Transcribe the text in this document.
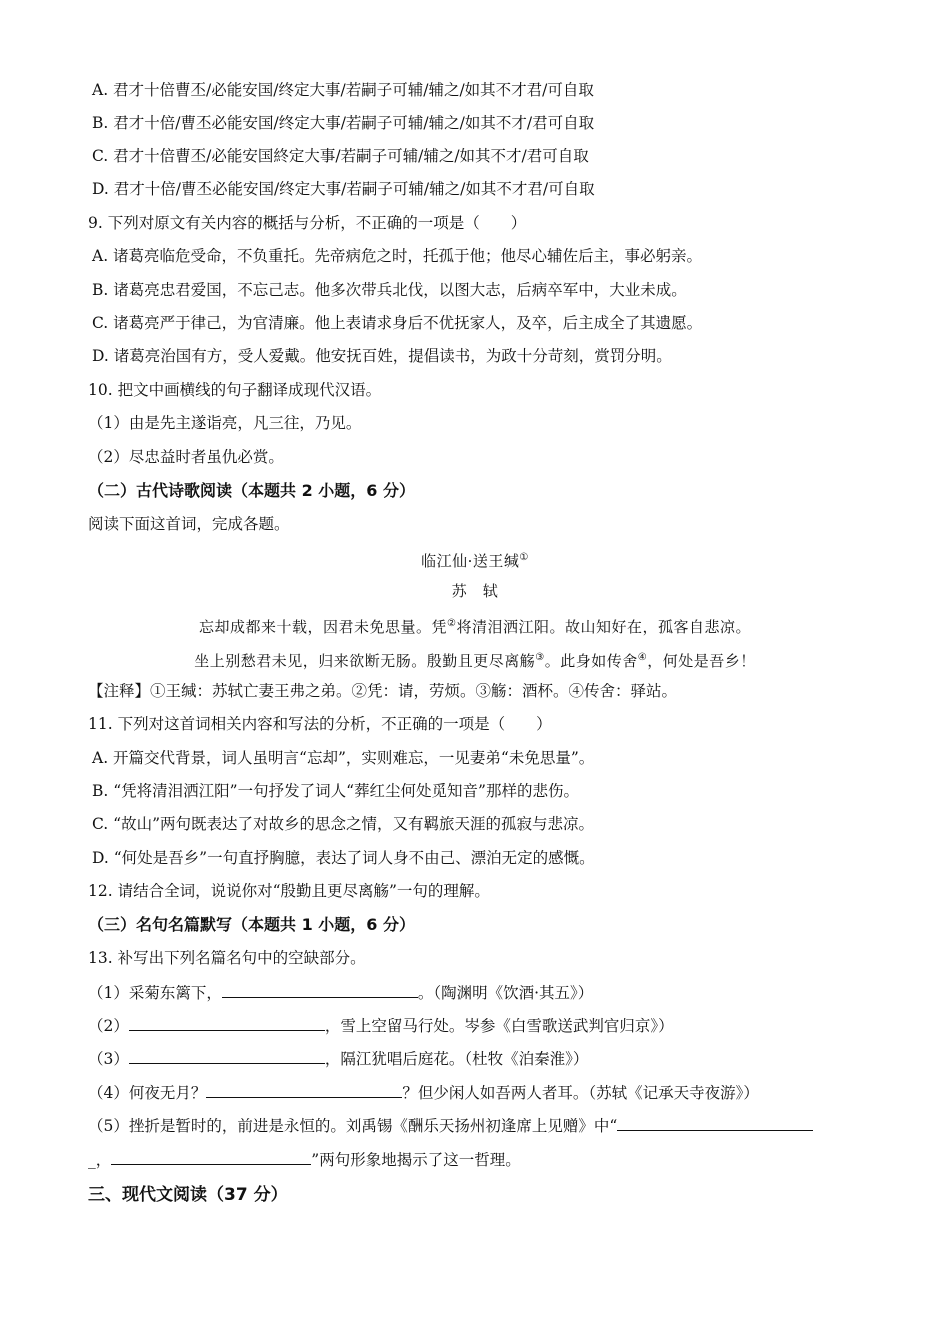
A. 君才十倍曹丕/必能安国/终定大事/若嗣子可辅/辅之/如其不才君/可自取
B. 君才十倍/曹丕必能安国/终定大事/若嗣子可辅/辅之/如其不才/君可自取
C. 君才十倍曹丕/必能安国終定大事/若嗣子可辅/辅之/如其不才/君可自取
D. 君才十倍/曹丕必能安国/终定大事/若嗣子可辅/辅之/如其不才君/可自取
9. 下列对原文有关内容的概括与分析，不正确的一项是（　　）
A. 诸葛亮临危受命，不负重托。先帝病危之时，托孤于他；他尽心辅佐后主，事必躬亲。
B. 诸葛亮忠君爱国，不忘己志。他多次带兵北伐，以图大志，后病卒军中，大业未成。
C. 诸葛亮严于律己，为官清廉。他上表请求身后不优抚家人，及卒，后主成全了其遗愿。
D. 诸葛亮治国有方，受人爱戴。他安抚百姓，提倡读书，为政十分苛刻，赏罚分明。
10. 把文中画横线的句子翻译成现代汉语。
（1）由是先主遂诣亮，凡三往，乃见。
（2）尽忠益时者虽仇必赏。
（二）古代诗歌阅读（本题共 2 小题，6 分）
阅读下面这首词，完成各题。
临江仙·送王缄①
苏　轼
忘却成都来十载，因君未免思量。凭②将清泪洒江阳。故山知好在，孤客自悲凉。
坐上别愁君未见，归来欲断无肠。殷勤且更尽离觞③。此身如传舍④，何处是吾乡！
【注释】①王缄：苏轼亡妻王弗之弟。②凭：请，劳烦。③觞：酒杯。④传舍：驿站。
11. 下列对这首词相关内容和写法的分析，不正确的一项是（　　）
A. 开篇交代背景，词人虽明言“忘却”，实则难忘，一见妻弟“未免思量”。
B. “凭将清泪洒江阳”一句抒发了词人“葬红尘何处觅知音”那样的悲伤。
C. “故山”两句既表达了对故乡的思念之情，又有羁旅天涯的孤寂与悲凉。
D. “何处是吾乡”一句直抒胸臆，表达了词人身不由己、漂泊无定的感慨。
12. 请结合全词，说说你对“殷勤且更尽离觞”一句的理解。
（三）名句名篇默写（本题共 1 小题，6 分）
13. 补写出下列名篇名句中的空缺部分。
（1）采菊东篱下，	。（陶渊明《饮酒·其五》）
（2）	，雪上空留马行处。岑参《白雪歌送武判官归京》）
（3）	，隔江犹唱后庭花。（杜牧《泊秦淮》）
（4）何夜无月？	？但少闲人如吾两人者耳。（苏轼《记承天寺夜游》）
（5）挫折是暂时的，前进是永恒的。刘禹锡《酬乐天扬州初逢席上见赠》中“
_，	”两句形象地揭示了这一哲理。
三、现代文阅读（37 分）
